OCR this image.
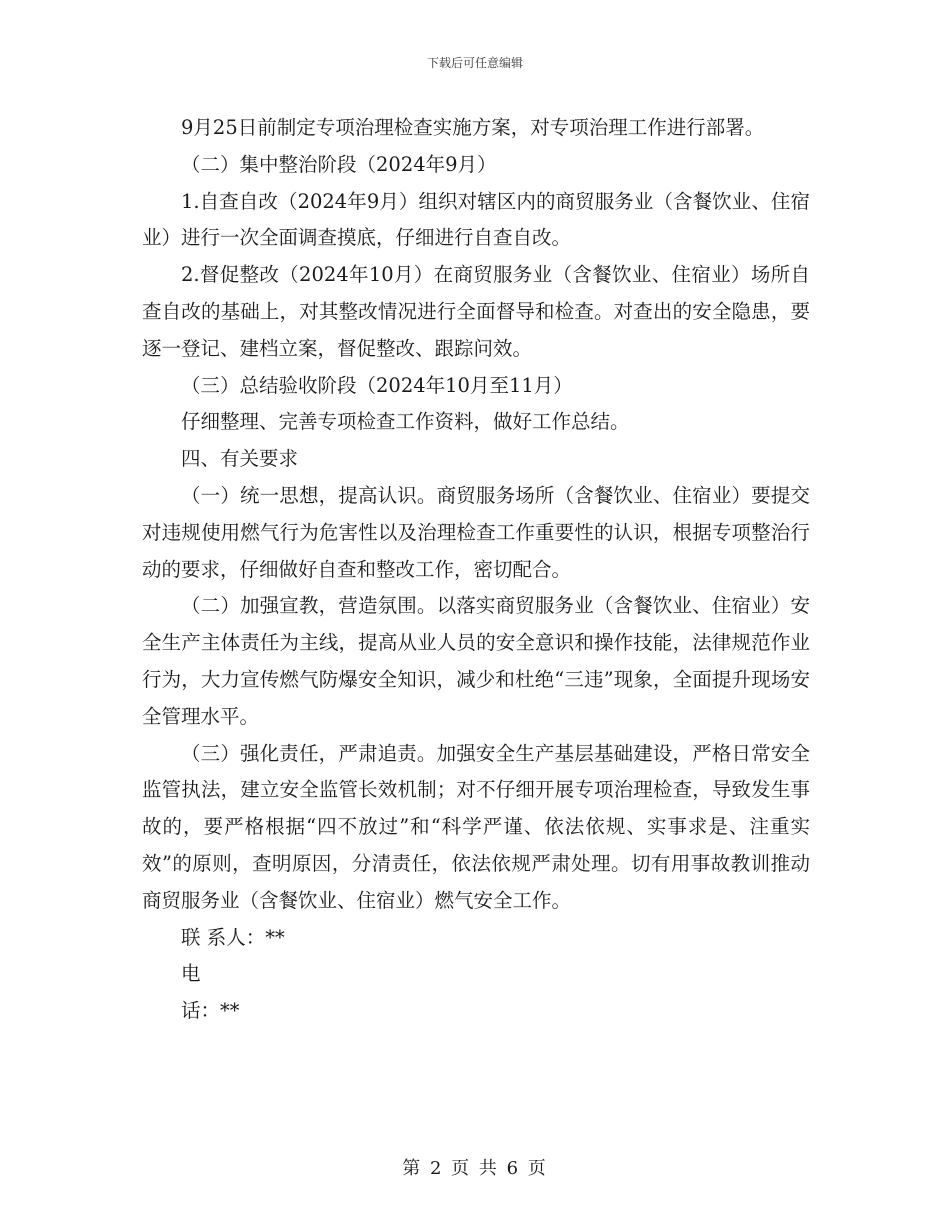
下载后可任意编辑

9月25日前制定专项治理检查实施方案，对专项治理工作进行部署。

（二）集中整治阶段（2024年9月）

1.自查自改（2024年9月）组织对辖区内的商贸服务业（含餐饮业、住宿业）进行一次全面调查摸底，仔细进行自查自改。

2.督促整改（2024年10月）在商贸服务业（含餐饮业、住宿业）场所自查自改的基础上，对其整改情况进行全面督导和检查。对查出的安全隐患，要逐一登记、建档立案，督促整改、跟踪问效。

（三）总结验收阶段（2024年10月至11月）

仔细整理、完善专项检查工作资料，做好工作总结。

四、有关要求

（一）统一思想，提高认识。商贸服务场所（含餐饮业、住宿业）要提交对违规使用燃气行为危害性以及治理检查工作重要性的认识，根据专项整治行动的要求，仔细做好自查和整改工作，密切配合。

（二）加强宣教，营造氛围。以落实商贸服务业（含餐饮业、住宿业）安全生产主体责任为主线，提高从业人员的安全意识和操作技能，法律规范作业行为，大力宣传燃气防爆安全知识，减少和杜绝“三违”现象，全面提升现场安全管理水平。

（三）强化责任，严肃追责。加强安全生产基层基础建设，严格日常安全监管执法，建立安全监管长效机制；对不仔细开展专项治理检查，导致发生事故的，要严格根据“四不放过”和“科学严谨、依法依规、实事求是、注重实效”的原则，查明原因，分清责任，依法依规严肃处理。切有用事故教训推动商贸服务业（含餐饮业、住宿业）燃气安全工作。

联 系人：**

电

话：**

第 2 页 共 6 页
